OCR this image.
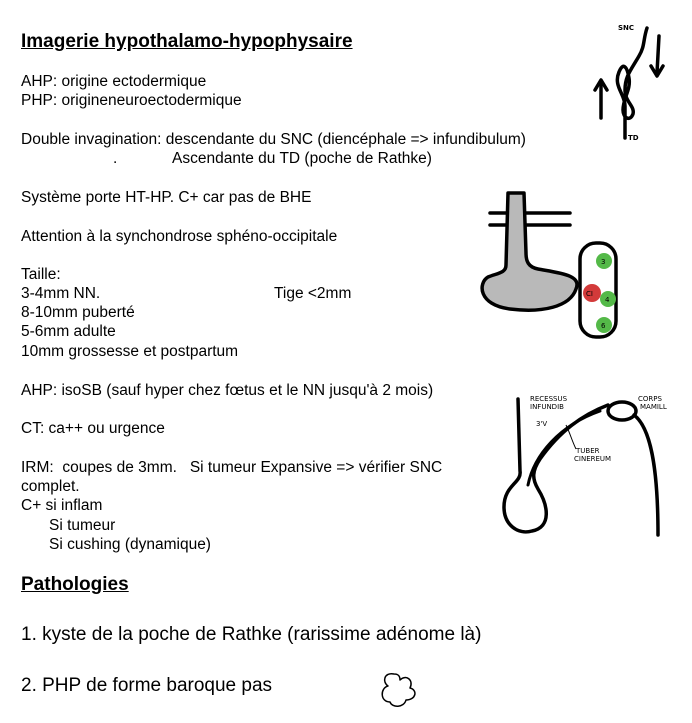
Imagerie hypothalamo-hypophysaire
AHP: origine ectodermique
PHP: origineneuroectodermique
Double invagination: descendante du SNC (diencéphale => infundibulum)
.	Ascendante du TD (poche de Rathke)
Système porte HT-HP. C+ car pas de BHE
Attention à la synchondrose sphéno-occipitale
Taille:
3-4mm NN.	Tige <2mm
8-10mm puberté
5-6mm adulte
10mm grossesse et postpartum
AHP: isoSB (sauf hyper chez fœtus et le NN jusqu'à 2 mois)
CT: ca++ ou urgence
IRM:  coupes de 3mm.   Si tumeur Expansive => vérifier SNC
complet.
C+ si inflam
Si tumeur
Si cushing (dynamique)
Pathologies
1. kyste de la poche de Rathke (rarissime adénome là)
2. PHP de forme baroque pas
SNC
TD
3
CI
4
6
RECESSUS
INFUNDIB
3'V
TUBER
CINEREUM
CORPS
MAMILL
